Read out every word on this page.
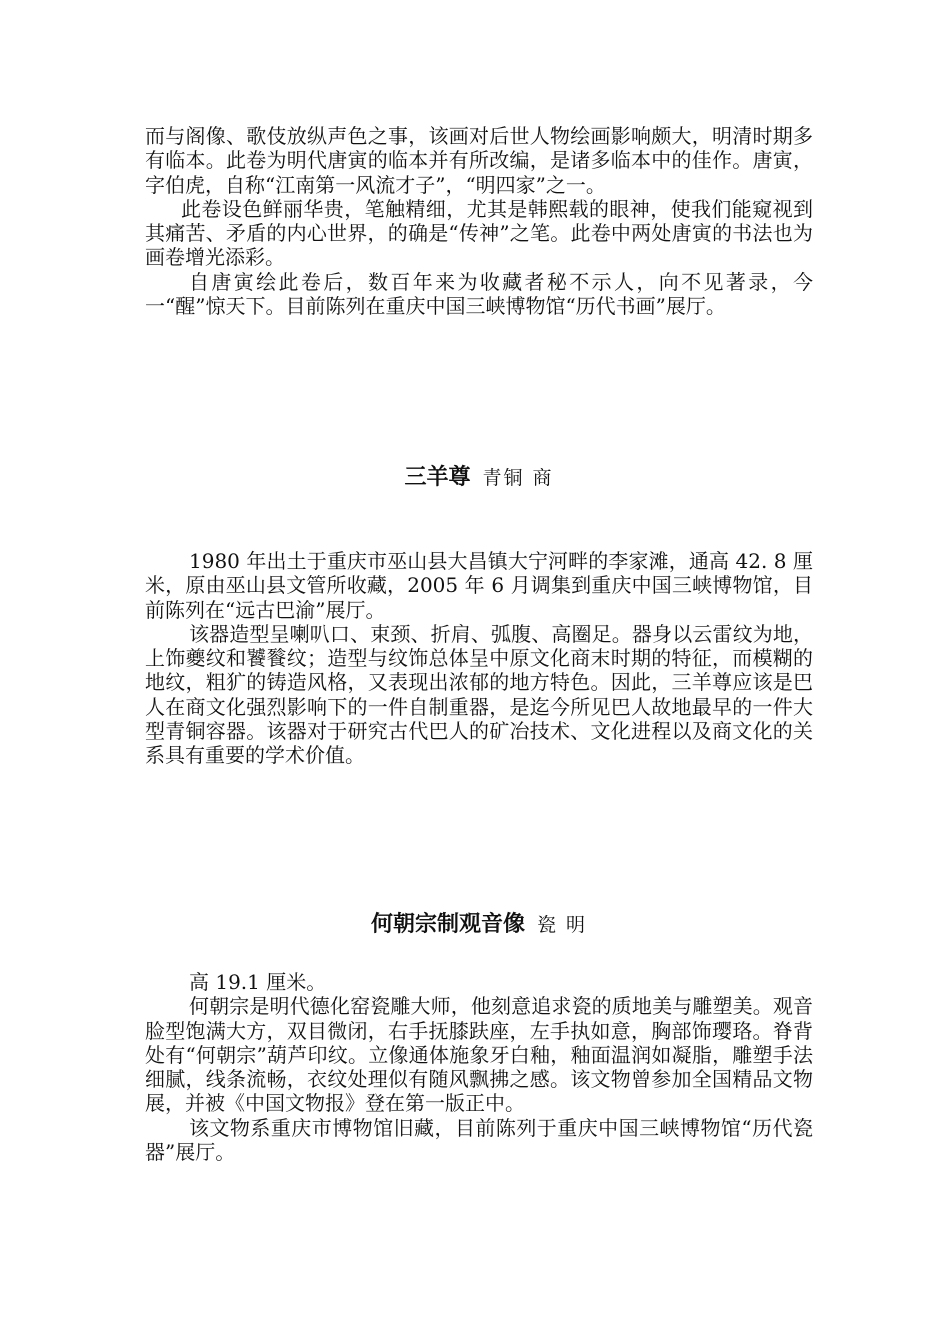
而与阁像、歌伎放纵声色之事，该画对后世人物绘画影响颇大，明清时期多有临本。此卷为明代唐寅的临本并有所改编，是诸多临本中的佳作。唐寅，字伯虎，自称“江南第一风流才子”，“明四家”之一。

此卷设色鲜丽华贵，笔触精细，尤其是韩熙载的眼神，使我们能窥视到其痛苦、矛盾的内心世界，的确是“传神”之笔。此卷中两处唐寅的书法也为画卷增光添彩。

自唐寅绘此卷后，数百年来为收藏者秘不示人，向不见著录，今一“醒”惊天下。目前陈列在重庆中国三峡博物馆“历代书画”展厅。

三羊尊 青铜 商

1980 年出土于重庆市巫山县大昌镇大宁河畔的李家滩，通高 42. 8 厘米，原由巫山县文管所收藏，2005 年 6 月调集到重庆中国三峡博物馆，目前陈列在“远古巴渝”展厅。

该器造型呈喇叭口、束颈、折肩、弧腹、高圈足。器身以云雷纹为地，上饰夔纹和饕餮纹；造型与纹饰总体呈中原文化商末时期的特征，而模糊的地纹，粗犷的铸造风格，又表现出浓郁的地方特色。因此，三羊尊应该是巴人在商文化强烈影响下的一件自制重器，是迄今所见巴人故地最早的一件大型青铜容器。该器对于研究古代巴人的矿冶技术、文化进程以及商文化的关系具有重要的学术价值。

何朝宗制观音像 瓷 明

高 19.1 厘米。

何朝宗是明代德化窑瓷雕大师，他刻意追求瓷的质地美与雕塑美。观音脸型饱满大方，双目微闭，右手抚膝趺座，左手执如意，胸部饰璎珞。脊背处有“何朝宗”葫芦印纹。立像通体施象牙白釉，釉面温润如凝脂，雕塑手法细腻，线条流畅，衣纹处理似有随风飘拂之感。该文物曾参加全国精品文物展，并被《中国文物报》登在第一版正中。

该文物系重庆市博物馆旧藏，目前陈列于重庆中国三峡博物馆“历代瓷器”展厅。
